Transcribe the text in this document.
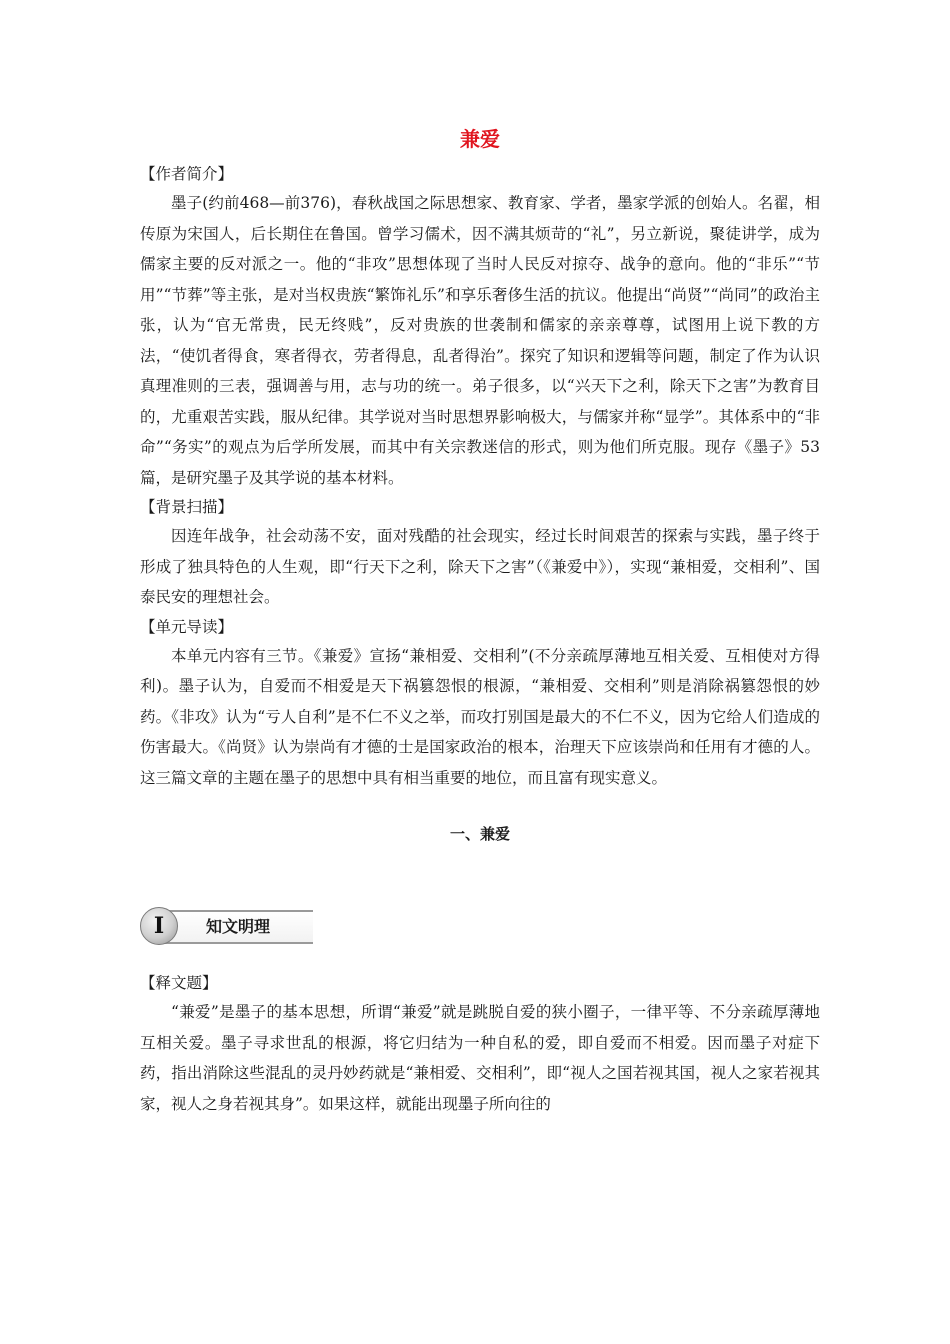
兼爱

【作者简介】

墨子(约前468—前376)，春秋战国之际思想家、教育家、学者，墨家学派的创始人。名翟，相传原为宋国人，后长期住在鲁国。曾学习儒术，因不满其烦苛的“礼”，另立新说，聚徒讲学，成为儒家主要的反对派之一。他的“非攻”思想体现了当时人民反对掠夺、战争的意向。他的“非乐”“节用”“节葬”等主张，是对当权贵族“繁饰礼乐”和享乐奢侈生活的抗议。他提出“尚贤”“尚同”的政治主张，认为“官无常贵，民无终贱”，反对贵族的世袭制和儒家的亲亲尊尊，试图用上说下教的方法，“使饥者得食，寒者得衣，劳者得息，乱者得治”。探究了知识和逻辑等问题，制定了作为认识真理准则的三表，强调善与用，志与功的统一。弟子很多，以“兴天下之利，除天下之害”为教育目的，尤重艰苦实践，服从纪律。其学说对当时思想界影响极大，与儒家并称“显学”。其体系中的“非命”“务实”的观点为后学所发展，而其中有关宗教迷信的形式，则为他们所克服。现存《墨子》53篇，是研究墨子及其学说的基本材料。

【背景扫描】

因连年战争，社会动荡不安，面对残酷的社会现实，经过长时间艰苦的探索与实践，墨子终于形成了独具特色的人生观，即“行天下之利，除天下之害”（《兼爱中》），实现“兼相爱，交相利”、国泰民安的理想社会。

【单元导读】

本单元内容有三节。《兼爱》宣扬“兼相爱、交相利”(不分亲疏厚薄地互相关爱、互相使对方得利)。墨子认为，自爱而不相爱是天下祸篡怨恨的根源，“兼相爱、交相利”则是消除祸篡怨恨的妙药。《非攻》认为“亏人自利”是不仁不义之举，而攻打别国是最大的不仁不义，因为它给人们造成的伤害最大。《尚贤》认为崇尚有才德的士是国家政治的根本，治理天下应该崇尚和任用有才德的人。这三篇文章的主题在墨子的思想中具有相当重要的地位，而且富有现实意义。

一、兼爱

I	知文明理

【释文题】

“兼爱”是墨子的基本思想，所谓“兼爱”就是跳脱自爱的狭小圈子，一律平等、不分亲疏厚薄地互相关爱。墨子寻求世乱的根源，将它归结为一种自私的爱，即自爱而不相爱。因而墨子对症下药，指出消除这些混乱的灵丹妙药就是“兼相爱、交相利”，即“视人之国若视其国，视人之家若视其家，视人之身若视其身”。如果这样，就能出现墨子所向往的
